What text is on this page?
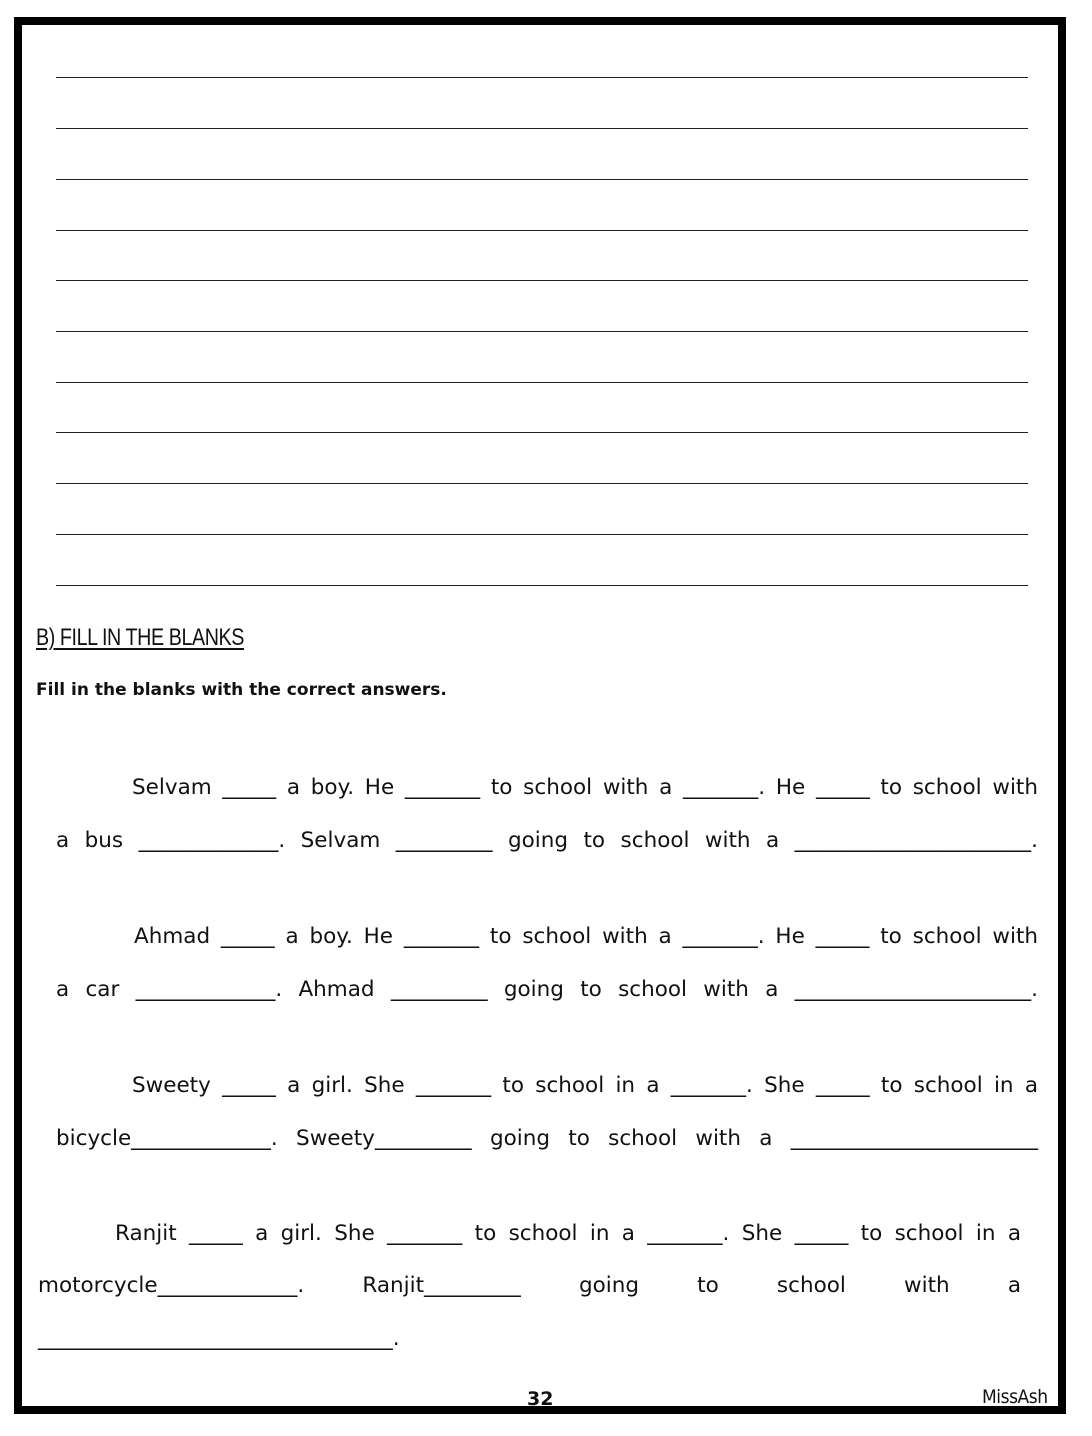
B) FILL IN THE BLANKS
Fill in the blanks with the correct answers.
Selvam _____ a boy. He _______ to school with a _______. He _____ to school with
a bus _____________. Selvam _________ going to school with a ______________________.
Ahmad _____ a boy. He _______ to school with a _______. He _____ to school with
a car _____________. Ahmad _________ going to school with a ______________________.
Sweety _____ a girl. She _______ to school in a _______. She _____ to school in a
bicycle_____________. Sweety_________ going to school with a _______________________
Ranjit _____ a girl. She _______ to school in a _______. She _____ to school in a
motorcycle_____________. Ranjit_________ going to school with a
_________________________________.
32	MissAsh
